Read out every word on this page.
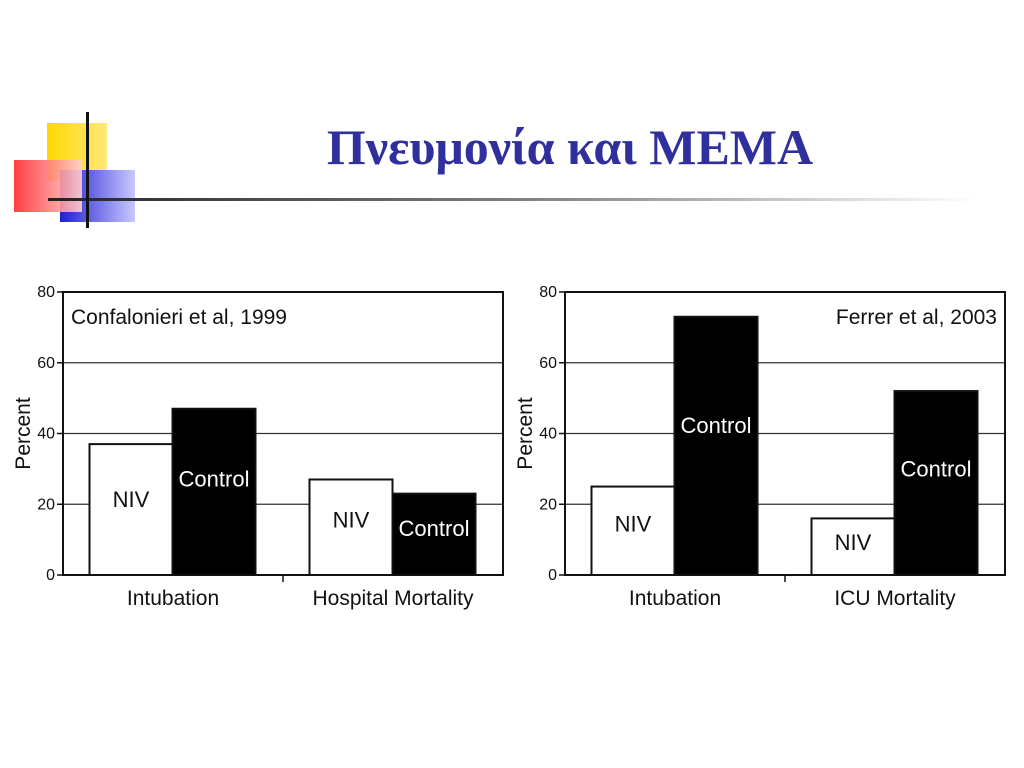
Πνευμονία και ΜΕΜΑ
NIV
Control
NIV Control
0
20
40
60
80
Intubation	Hospital Mortality
Confalonieri et al, 1999
Percent
NIV
Control
NIV
Control
0
20
40
60
80
Intubation	ICU Mortality
Ferrer et al, 2003
Percent
